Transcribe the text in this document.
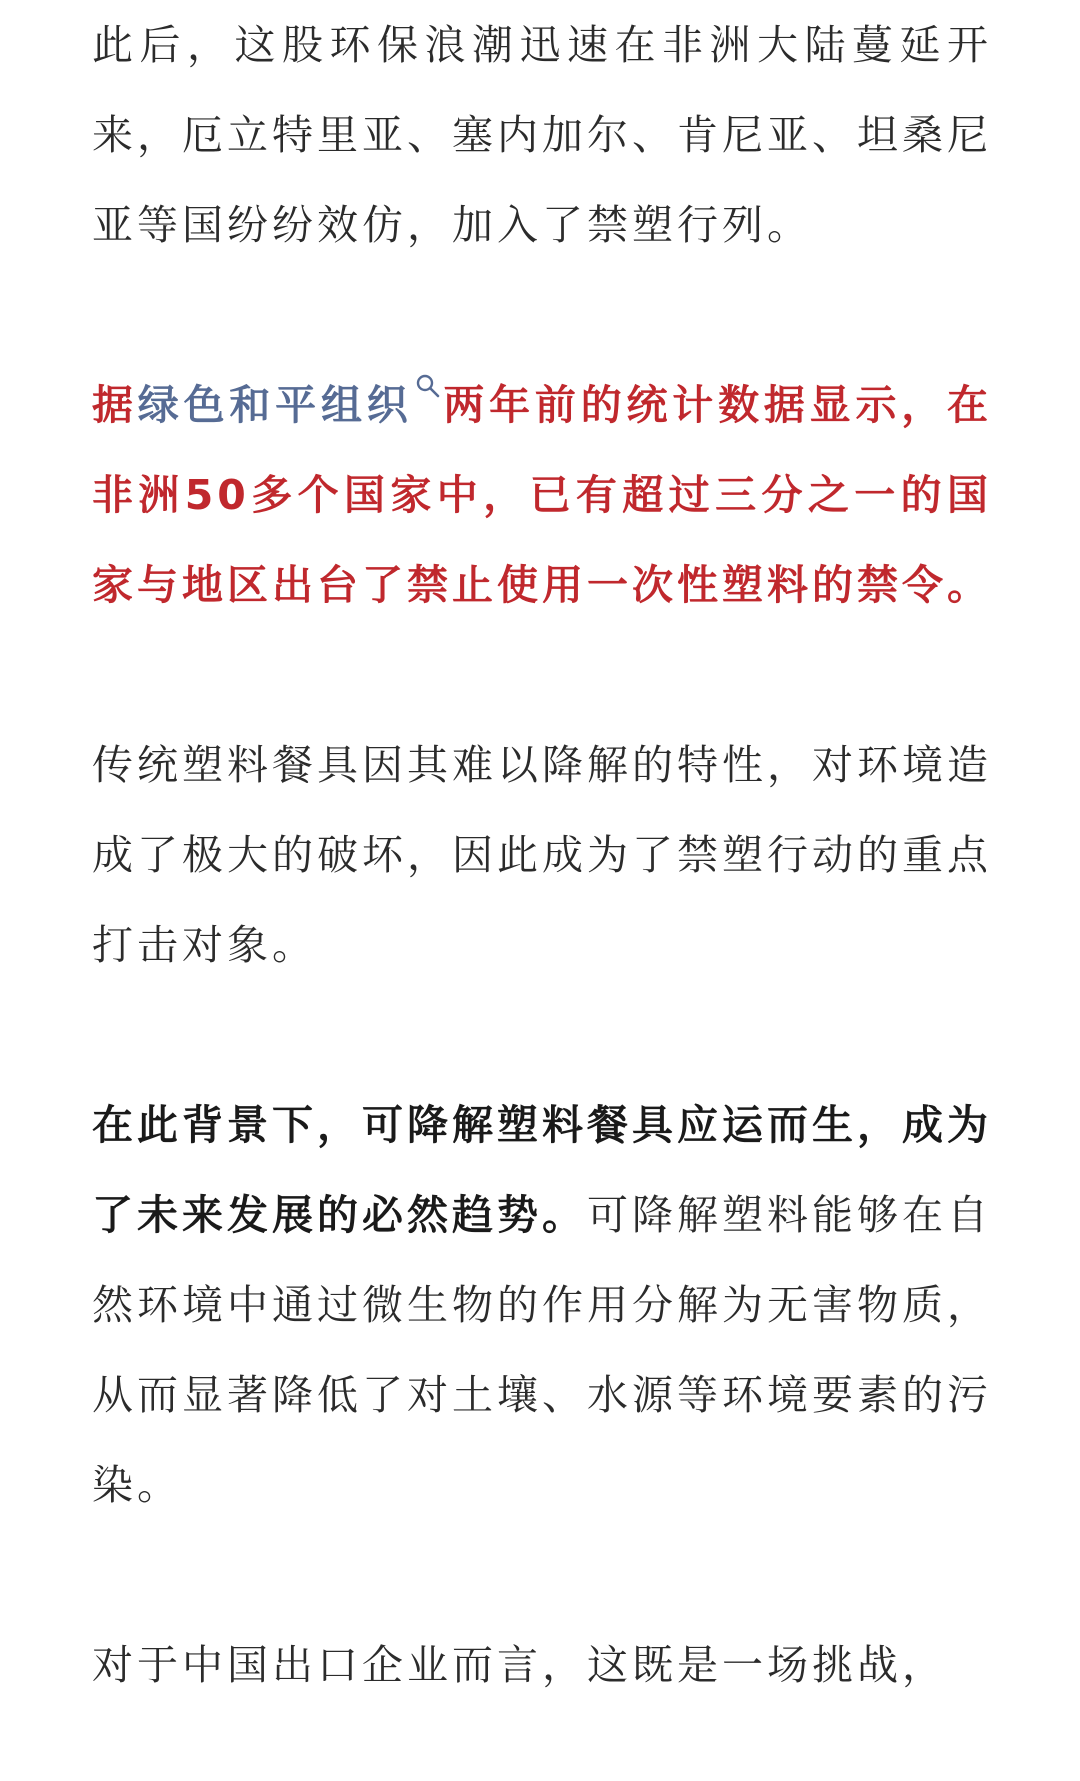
此后，这股环保浪潮迅速在非洲大陆蔓延开来，厄立特里亚、塞内加尔、肯尼亚、坦桑尼亚等国纷纷效仿，加入了禁塑行列。

据绿色和平组织 两年前的统计数据显示，在非洲50多个国家中，已有超过三分之一的国家与地区出台了禁止使用一次性塑料的禁令。

传统塑料餐具因其难以降解的特性，对环境造成了极大的破坏，因此成为了禁塑行动的重点打击对象。

在此背景下，可降解塑料餐具应运而生，成为了未来发展的必然趋势。可降解塑料能够在自然环境中通过微生物的作用分解为无害物质，从而显著降低了对土壤、水源等环境要素的污染。

对于中国出口企业而言，这既是一场挑战，
